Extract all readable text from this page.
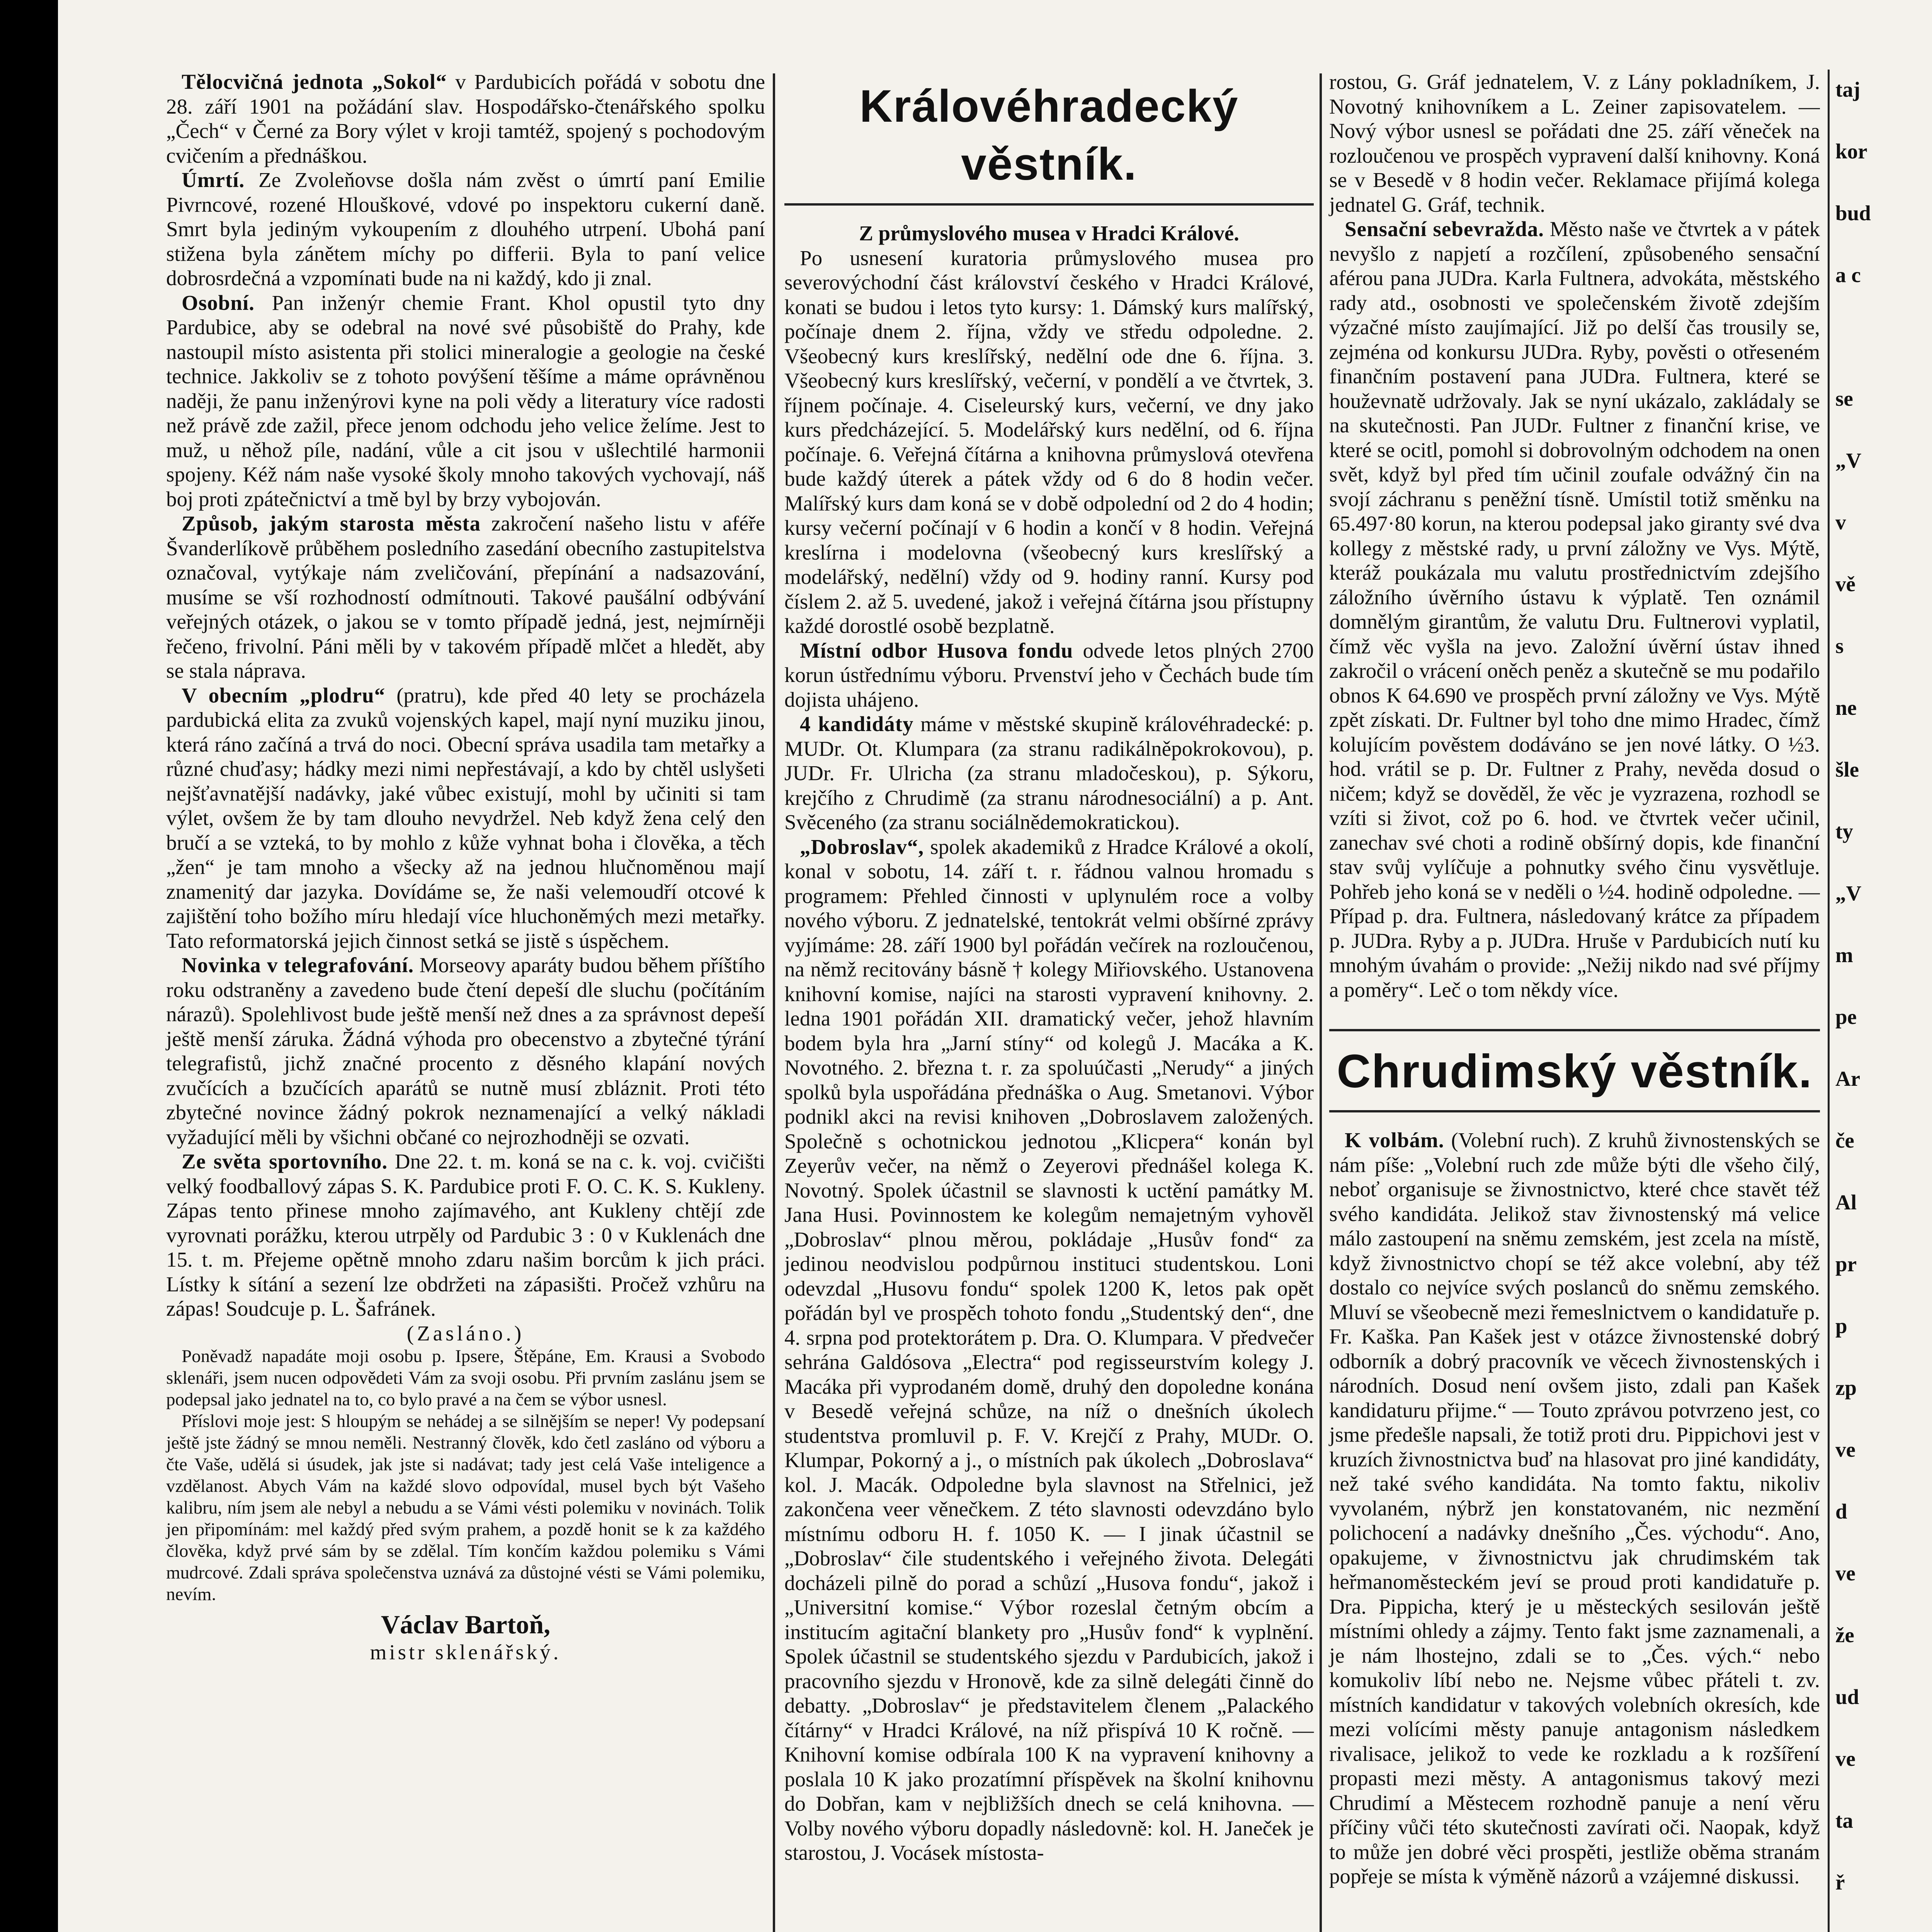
Tělocvičná jednota „Sokol“ v Pardubicích pořádá v sobotu dne 28. září 1901 na požádání slav. Hospodářsko-čtenářského spolku „Čech“ v Černé za Bory výlet v kroji tamtéž, spojený s pochodovým cvičením a přednáškou.

Úmrtí. Ze Zvoleňovse došla nám zvěst o úmrtí paní Emilie Pivrncové, rozené Hlouškové, vdové po inspektoru cukerní daně. Smrt byla jediným vykoupením z dlouhého utrpení. Ubohá paní stižena byla zánětem míchy po differii. Byla to paní velice dobrosrdečná a vzpomínati bude na ni každý, kdo ji znal.

Osobní. Pan inženýr chemie Frant. Khol opustil tyto dny Pardubice, aby se odebral na nové své působiště do Prahy, kde nastoupil místo asistenta při stolici mineralogie a geologie na české technice. Jakkoliv se z tohoto povýšení těšíme a máme oprávněnou naději, že panu inženýrovi kyne na poli vědy a literatury více radosti než právě zde zažil, přece jenom odchodu jeho velice želíme. Jest to muž, u něhož píle, nadání, vůle a cit jsou v ušlechtilé harmonii spojeny. Kéž nám naše vysoké školy mnoho takových vychovají, náš boj proti zpátečnictví a tmě byl by brzy vybojován.

Způsob, jakým starosta města zakročení našeho listu v aféře Švanderlíkově průběhem posledního zasedání obecního zastupitelstva označoval, vytýkaje nám zveličování, přepínání a nadsazování, musíme se vší rozhodností odmítnouti. Takové paušální odbývání veřejných otázek, o jakou se v tomto případě jedná, jest, nejmírněji řečeno, frivolní. Páni měli by v takovém případě mlčet a hledět, aby se stala náprava.

V obecním „plodru“ (pratru), kde před 40 lety se procházela pardubická elita za zvuků vojenských kapel, mají nyní muziku jinou, která ráno začíná a trvá do noci. Obecní správa usadila tam metařky a různé chuďasy; hádky mezi nimi nepřestávají, a kdo by chtěl uslyšeti nejšťavnatější nadávky, jaké vůbec existují, mohl by učiniti si tam výlet, ovšem že by tam dlouho nevydržel. Neb když žena celý den bručí a se vzteká, to by mohlo z kůže vyhnat boha i člověka, a těch „žen“ je tam mnoho a všecky až na jednou hlučnoměnou mají znamenitý dar jazyka. Dovídáme se, že naši velemoudří otcové k zajištění toho božího míru hledají více hluchoněmých mezi metařky. Tato reformatorská jejich činnost setká se jistě s úspěchem.

Novinka v telegrafování. Morseovy aparáty budou během příštího roku odstraněny a zavedeno bude čtení depeší dle sluchu (počítáním nárazů). Spolehlivost bude ještě menší než dnes a za správnost depeší ještě menší záruka. Žádná výhoda pro obecenstvo a zbytečné týrání telegrafistů, jichž značné procento z děsného klapání nových zvučících a bzučících aparátů se nutně musí zbláznit. Proti této zbytečné novince žádný pokrok neznamenající a velký nákladi vyžadující měli by všichni občané co nejrozhodněji se ozvati.

Ze světa sportovního. Dne 22. t. m. koná se na c. k. voj. cvičišti velký foodballový zápas S. K. Pardubice proti F. O. C. K. S. Kukleny. Zápas tento přinese mnoho zajímavého, ant Kukleny chtějí zde vyrovnati porážku, kterou utrpěly od Pardubic 3 : 0 v Kuklenách dne 15. t. m. Přejeme opětně mnoho zdaru našim borcům k jich práci. Lístky k sítání a sezení lze obdržeti na zápasišti. Pročež vzhůru na zápas! Soudcuje p. L. Šafránek.

(Zasláno.)

Poněvadž napadáte moji osobu p. Ipsere, Štěpáne, Em. Krausi a Svobodo sklenáři, jsem nucen odpovědeti Vám za svoji osobu. Při prvním zaslánu jsem se podepsal jako jednatel na to, co bylo pravé a na čem se výbor usnesl.

Příslovi moje jest: S hloupým se nehádej a se silnějším se neper! Vy podepsaní ještě jste žádný se mnou neměli. Nestranný člověk, kdo četl zasláno od výboru a čte Vaše, udělá si úsudek, jak jste si nadávat; tady jest celá Vaše inteligence a vzdělanost. Abych Vám na každé slovo odpovídal, musel bych být Vašeho kalibru, ním jsem ale nebyl a nebudu a se Vámi vésti polemiku v novinách. Tolik jen připomínám: mel každý před svým prahem, a pozdě honit se k za každého člověka, když prvé sám by se zdělal. Tím končím každou polemiku s Vámi mudrcové. Zdali správa společenstva uznává za důstojné vésti se Vámi polemiku, nevím.

Václav Bartoň,

mistr sklenářský.

Královéhradecký věstník.

Z průmyslového musea v Hradci Králové.

Po usnesení kuratoria průmyslového musea pro severovýchodní část království českého v Hradci Králové, konati se budou i letos tyto kursy: 1. Dámský kurs malířský, počínaje dnem 2. října, vždy ve středu odpoledne. 2. Všeobecný kurs kreslířský, nedělní ode dne 6. října. 3. Všeobecný kurs kreslířský, večerní, v pondělí a ve čtvrtek, 3. říjnem počínaje. 4. Ciseleurský kurs, večerní, ve dny jako kurs předcházející. 5. Modelářský kurs nedělní, od 6. října počínaje. 6. Veřejná čítárna a knihovna průmyslová otevřena bude každý úterek a pátek vždy od 6 do 8 hodin večer. Malířský kurs dam koná se v době odpolední od 2 do 4 hodin; kursy večerní počínají v 6 hodin a končí v 8 hodin. Veřejná kreslírna i modelovna (všeobecný kurs kreslířský a modelářský, nedělní) vždy od 9. hodiny ranní. Kursy pod číslem 2. až 5. uvedené, jakož i veřejná čítárna jsou přístupny každé dorostlé osobě bezplatně.

Místní odbor Husova fondu odvede letos plných 2700 korun ústřednímu výboru. Prvenství jeho v Čechách bude tím dojista uhájeno.

4 kandidáty máme v městské skupině královéhradecké: p. MUDr. Ot. Klumpara (za stranu radikálněpokrokovou), p. JUDr. Fr. Ulricha (za stranu mladočeskou), p. Sýkoru, krejčího z Chrudimě (za stranu národnesociální) a p. Ant. Svěceného (za stranu sociálnědemokratickou).

„Dobroslav“, spolek akademiků z Hradce Králové a okolí, konal v sobotu, 14. září t. r. řádnou valnou hromadu s programem: Přehled činnosti v uplynulém roce a volby nového výboru. Z jednatelské, tentokrát velmi obšírné zprávy vyjímáme: 28. září 1900 byl pořádán večírek na rozloučenou, na němž recitovány básně † kolegy Miřiovského. Ustanovena knihovní komise, najíci na starosti vypravení knihovny. 2. ledna 1901 pořádán XII. dramatický večer, jehož hlavním bodem byla hra „Jarní stíny“ od kolegů J. Macáka a K. Novotného. 2. března t. r. za spoluúčasti „Nerudy“ a jiných spolků byla uspořádána přednáška o Aug. Smetanovi. Výbor podnikl akci na revisi knihoven „Dobroslavem založených. Společně s ochotnickou jednotou „Klicpera“ konán byl Zeyerův večer, na němž o Zeyerovi přednášel kolega K. Novotný. Spolek účastnil se slavnosti k uctění památky M. Jana Husi. Povinnostem ke kolegům nemajetným vyhověl „Dobroslav“ plnou měrou, pokládaje „Husův fond“ za jedinou neodvislou podpůrnou instituci studentskou. Loni odevzdal „Husovu fondu“ spolek 1200 K, letos pak opět pořádán byl ve prospěch tohoto fondu „Studentský den“, dne 4. srpna pod protektorátem p. Dra. O. Klumpara. V předvečer sehrána Galdósova „Electra“ pod regisseurstvím kolegy J. Macáka při vyprodaném domě, druhý den dopoledne konána v Besedě veřejná schůze, na níž o dnešních úkolech studentstva promluvil p. F. V. Krejčí z Prahy, MUDr. O. Klumpar, Pokorný a j., o místních pak úkolech „Dobroslava“ kol. J. Macák. Odpoledne byla slavnost na Střelnici, jež zakončena veer věnečkem. Z této slavnosti odevzdáno bylo místnímu odboru H. f. 1050 K. — I jinak účastnil se „Dobroslav“ čile studentského i veřejného života. Delegáti docházeli pilně do porad a schůzí „Husova fondu“, jakož i „Universitní komise.“ Výbor rozeslal četným obcím a institucím agitační blankety pro „Husův fond“ k vyplnění. Spolek účastnil se studentského sjezdu v Pardubicích, jakož i pracovního sjezdu v Hronově, kde za silně delegáti činně do debatty. „Dobroslav“ je představitelem členem „Palackého čítárny“ v Hradci Králové, na níž přispívá 10 K ročně. — Knihovní komise odbírala 100 K na vypravení knihovny a poslala 10 K jako prozatímní příspěvek na školní knihovnu do Dobřan, kam v nejbližších dnech se celá knihovna. — Volby nového výboru dopadly následovně: kol. H. Janeček je starostou, J. Vocásek místosta-

rostou, G. Gráf jednatelem, V. z Lány pokladníkem, J. Novotný knihovníkem a L. Zeiner zapisovatelem. — Nový výbor usnesl se pořádati dne 25. září věneček na rozloučenou ve prospěch vypravení další knihovny. Koná se v Besedě v 8 hodin večer. Reklamace přijímá kolega jednatel G. Gráf, technik.

Sensační sebevražda. Město naše ve čtvrtek a v pátek nevyšlo z napjetí a rozčílení, způsobeného sensační aférou pana JUDra. Karla Fultnera, advokáta, městského rady atd., osobnosti ve společenském životě zdejším výzačné místo zaujímající. Již po delší čas trousily se, zejména od konkursu JUDra. Ryby, pověsti o otřeseném finančním postavení pana JUDra. Fultnera, které se houževnatě udržovaly. Jak se nyní ukázalo, zakládaly se na skutečnosti. Pan JUDr. Fultner z finanční krise, ve které se ocitl, pomohl si dobrovolným odchodem na onen svět, když byl před tím učinil zoufale odvážný čin na svojí záchranu s peněžní tísně. Umístil totiž směnku na 65.497·80 korun, na kterou podepsal jako giranty své dva kollegy z městské rady, u první záložny ve Vys. Mýtě, kteráž poukázala mu valutu prostřednictvím zdejšího záložního úvěrního ústavu k výplatě. Ten oznámil domnělým girantům, že valutu Dru. Fultnerovi vyplatil, čímž věc vyšla na jevo. Založní úvěrní ústav ihned zakročil o vrácení oněch peněz a skutečně se mu podařilo obnos K 64.690 ve prospěch první záložny ve Vys. Mýtě zpět získati. Dr. Fultner byl toho dne mimo Hradec, čímž kolujícím pověstem dodáváno se jen nové látky. O ½3. hod. vrátil se p. Dr. Fultner z Prahy, nevěda dosud o ničem; když se dověděl, že věc je vyzrazena, rozhodl se vzíti si život, což po 6. hod. ve čtvrtek večer učinil, zanechav své choti a rodině obšírný dopis, kde finanční stav svůj vylíčuje a pohnutky svého činu vysvětluje. Pohřeb jeho koná se v neděli o ½4. hodině odpoledne. — Případ p. dra. Fultnera, následovaný krátce za případem p. JUDra. Ryby a p. JUDra. Hruše v Pardubicích nutí ku mnohým úvahám o provide: „Nežij nikdo nad své příjmy a poměry“. Leč o tom někdy více.

Chrudimský věstník.

K volbám. (Volební ruch). Z kruhů živnostenských se nám píše: „Volební ruch zde může býti dle všeho čilý, neboť organisuje se živnostnictvo, které chce stavět též svého kandidáta. Jelikož stav živnostenský má velice málo zastoupení na sněmu zemském, jest zcela na místě, když živnostnictvo chopí se též akce volební, aby též dostalo co nejvíce svých poslanců do sněmu zemského. Mluví se všeobecně mezi řemeslnictvem o kandidatuře p. Fr. Kaška. Pan Kašek jest v otázce živnostenské dobrý odborník a dobrý pracovník ve věcech živnostenských i národních. Dosud není ovšem jisto, zdali pan Kašek kandidaturu přijme.“ — Touto zprávou potvrzeno jest, co jsme předešle napsali, že totiž proti dru. Pippichovi jest v kruzích živnostnictva buď na hlasovat pro jiné kandidáty, než také svého kandidáta. Na tomto faktu, nikoliv vyvolaném, nýbrž jen konstatovaném, nic nezmění polichocení a nadávky dnešního „Čes. východu“. Ano, opakujeme, v živnostnictvu jak chrudimském tak heřmanoměsteckém jeví se proud proti kandidatuře p. Dra. Pippicha, který je u městeckých sesilován ještě místními ohledy a zájmy. Tento fakt jsme zaznamenali, a je nám lhostejno, zdali se to „Čes. vých.“ nebo komukoliv líbí nebo ne. Nejsme vůbec přáteli t. zv. místních kandidatur v takových volebních okresích, kde mezi volícími městy panuje antagonism následkem rivalisace, jelikož to vede ke rozkladu a k rozšíření propasti mezi městy. A antagonismus takový mezi Chrudimí a Městecem rozhodně panuje a není věru příčiny vůči této skutečnosti zavírati oči. Naopak, když to může jen dobré věci prospěti, jestliže oběma stranám popřeje se místa k výměně názorů a vzájemné diskussi.

taj
kor
bud
a c
se
„V
v
vě
s
ne
šle
ty
„V
m
pe
Ar
če
Al
pr
p
zp
ve
d
ve
že
ud
ve
ta
ř
